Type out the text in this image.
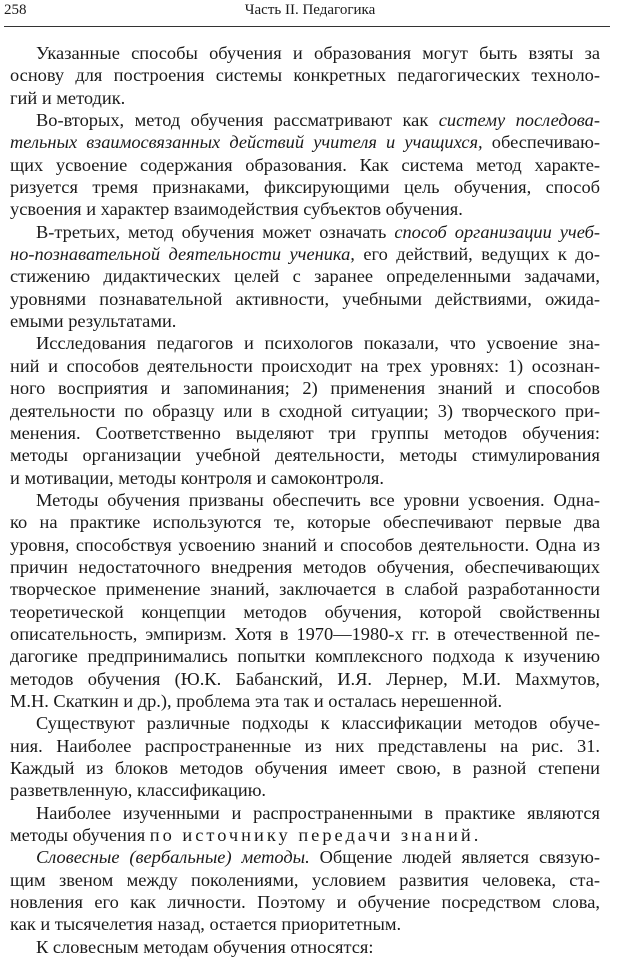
258	Часть II. Педагогика
Указанные способы обучения и образования могут быть взяты за
основу для построения системы конкретных педагогических техноло-
гий и методик.
Во-вторых, метод обучения рассматривают как систему последова-
тельных взаимосвязанных действий учителя и учащихся, обеспечиваю-
щих усвоение содержания образования. Как система метод характе-
ризуется тремя признаками, фиксирующими цель обучения, способ
усвоения и характер взаимодействия субъектов обучения.
В-третьих, метод обучения может означать способ организации учеб-
но-познавательной деятельности ученика, его действий, ведущих к до-
стижению дидактических целей с заранее определенными задачами,
уровнями познавательной активности, учебными действиями, ожида-
емыми результатами.
Исследования педагогов и психологов показали, что усвоение зна-
ний и способов деятельности происходит на трех уровнях: 1) осознан-
ного восприятия и запоминания; 2) применения знаний и способов
деятельности по образцу или в сходной ситуации; 3) творческого при-
менения. Соответственно выделяют три группы методов обучения:
методы организации учебной деятельности, методы стимулирования
и мотивации, методы контроля и самоконтроля.
Методы обучения призваны обеспечить все уровни усвоения. Одна-
ко на практике используются те, которые обеспечивают первые два
уровня, способствуя усвоению знаний и способов деятельности. Одна из
причин недостаточного внедрения методов обучения, обеспечивающих
творческое применение знаний, заключается в слабой разработанности
теоретической концепции методов обучения, которой свойственны
описательность, эмпиризм. Хотя в 1970—1980-х гг. в отечественной пе-
дагогике предпринимались попытки комплексного подхода к изучению
методов обучения (Ю.К. Бабанский, И.Я. Лернер, М.И. Махмутов,
М.Н. Скаткин и др.), проблема эта так и осталась нерешенной.
Существуют различные подходы к классификации методов обуче-
ния. Наиболее распространенные из них представлены на рис. 31.
Каждый из блоков методов обучения имеет свою, в разной степени
разветвленную, классификацию.
Наиболее изученными и распространенными в практике являются
методы обучения по источнику передачи знаний.
Словесные (вербальные) методы. Общение людей является связую-
щим звеном между поколениями, условием развития человека, ста-
новления его как личности. Поэтому и обучение посредством слова,
как и тысячелетия назад, остается приоритетным.
К словесным методам обучения относятся:
